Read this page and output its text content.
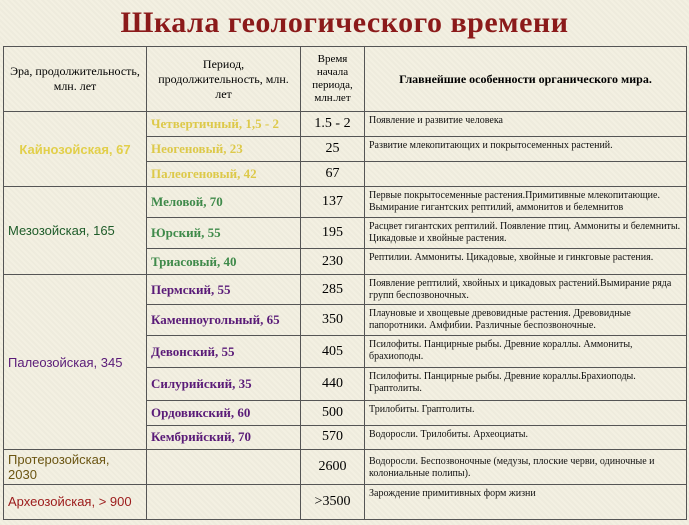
Шкала геологического времени
Эра, продолжительность, млн. лет	Период, продолжительность, млн. лет	Время начала периода, млн.лет	Главнейшие особенности органического мира.
Кайнозойская, 67	Четвертичный, 1,5 - 2	1.5 - 2	Появление и развитие человека
	Неогеновый, 23	25	Развитие млекопитающих и покрытосеменных растений.
	Палеогеновый, 42	67	
Мезозойская, 165	Меловой, 70	137	Первые покрытосеменные растения.Примитивные млекопитающие. Вымирание гигантских рептилий, аммонитов и белемнитов
	Юрский, 55	195	Расцвет гигантских рептилий. Появление птиц. Аммониты и белемниты. Цикадовые и хвойные растения.
	Триасовый, 40	230	Рептилии. Аммониты. Цикадовые, хвойные и гинкговые растения.
Палеозойская, 345	Пермский, 55	285	Появление рептилий, хвойных и цикадовых растений.Вымирание ряда групп беспозвоночных.
	Каменноугольный, 65	350	Плауновые и хвощевые древовидные растения. Древовидные папоротники. Амфибии. Различные беспозвоночные.
	Девонский, 55	405	Псилофиты. Панцирные рыбы. Древние кораллы. Аммониты, брахиоподы.
	Силурийский, 35	440	Псилофиты. Панцирные рыбы. Древние кораллы.Брахиоподы. Граптолиты.
	Ордовикский, 60	500	Трилобиты. Граптолиты.
	Кембрийский, 70	570	Водоросли. Трилобиты. Археоциаты.
Протерозойская, 2030		2600	Водоросли. Беспозвоночные (медузы, плоские черви, одиночные и колониальные полипы).
Археозойская, > 900		>3500	Зарождение примитивных форм жизни
